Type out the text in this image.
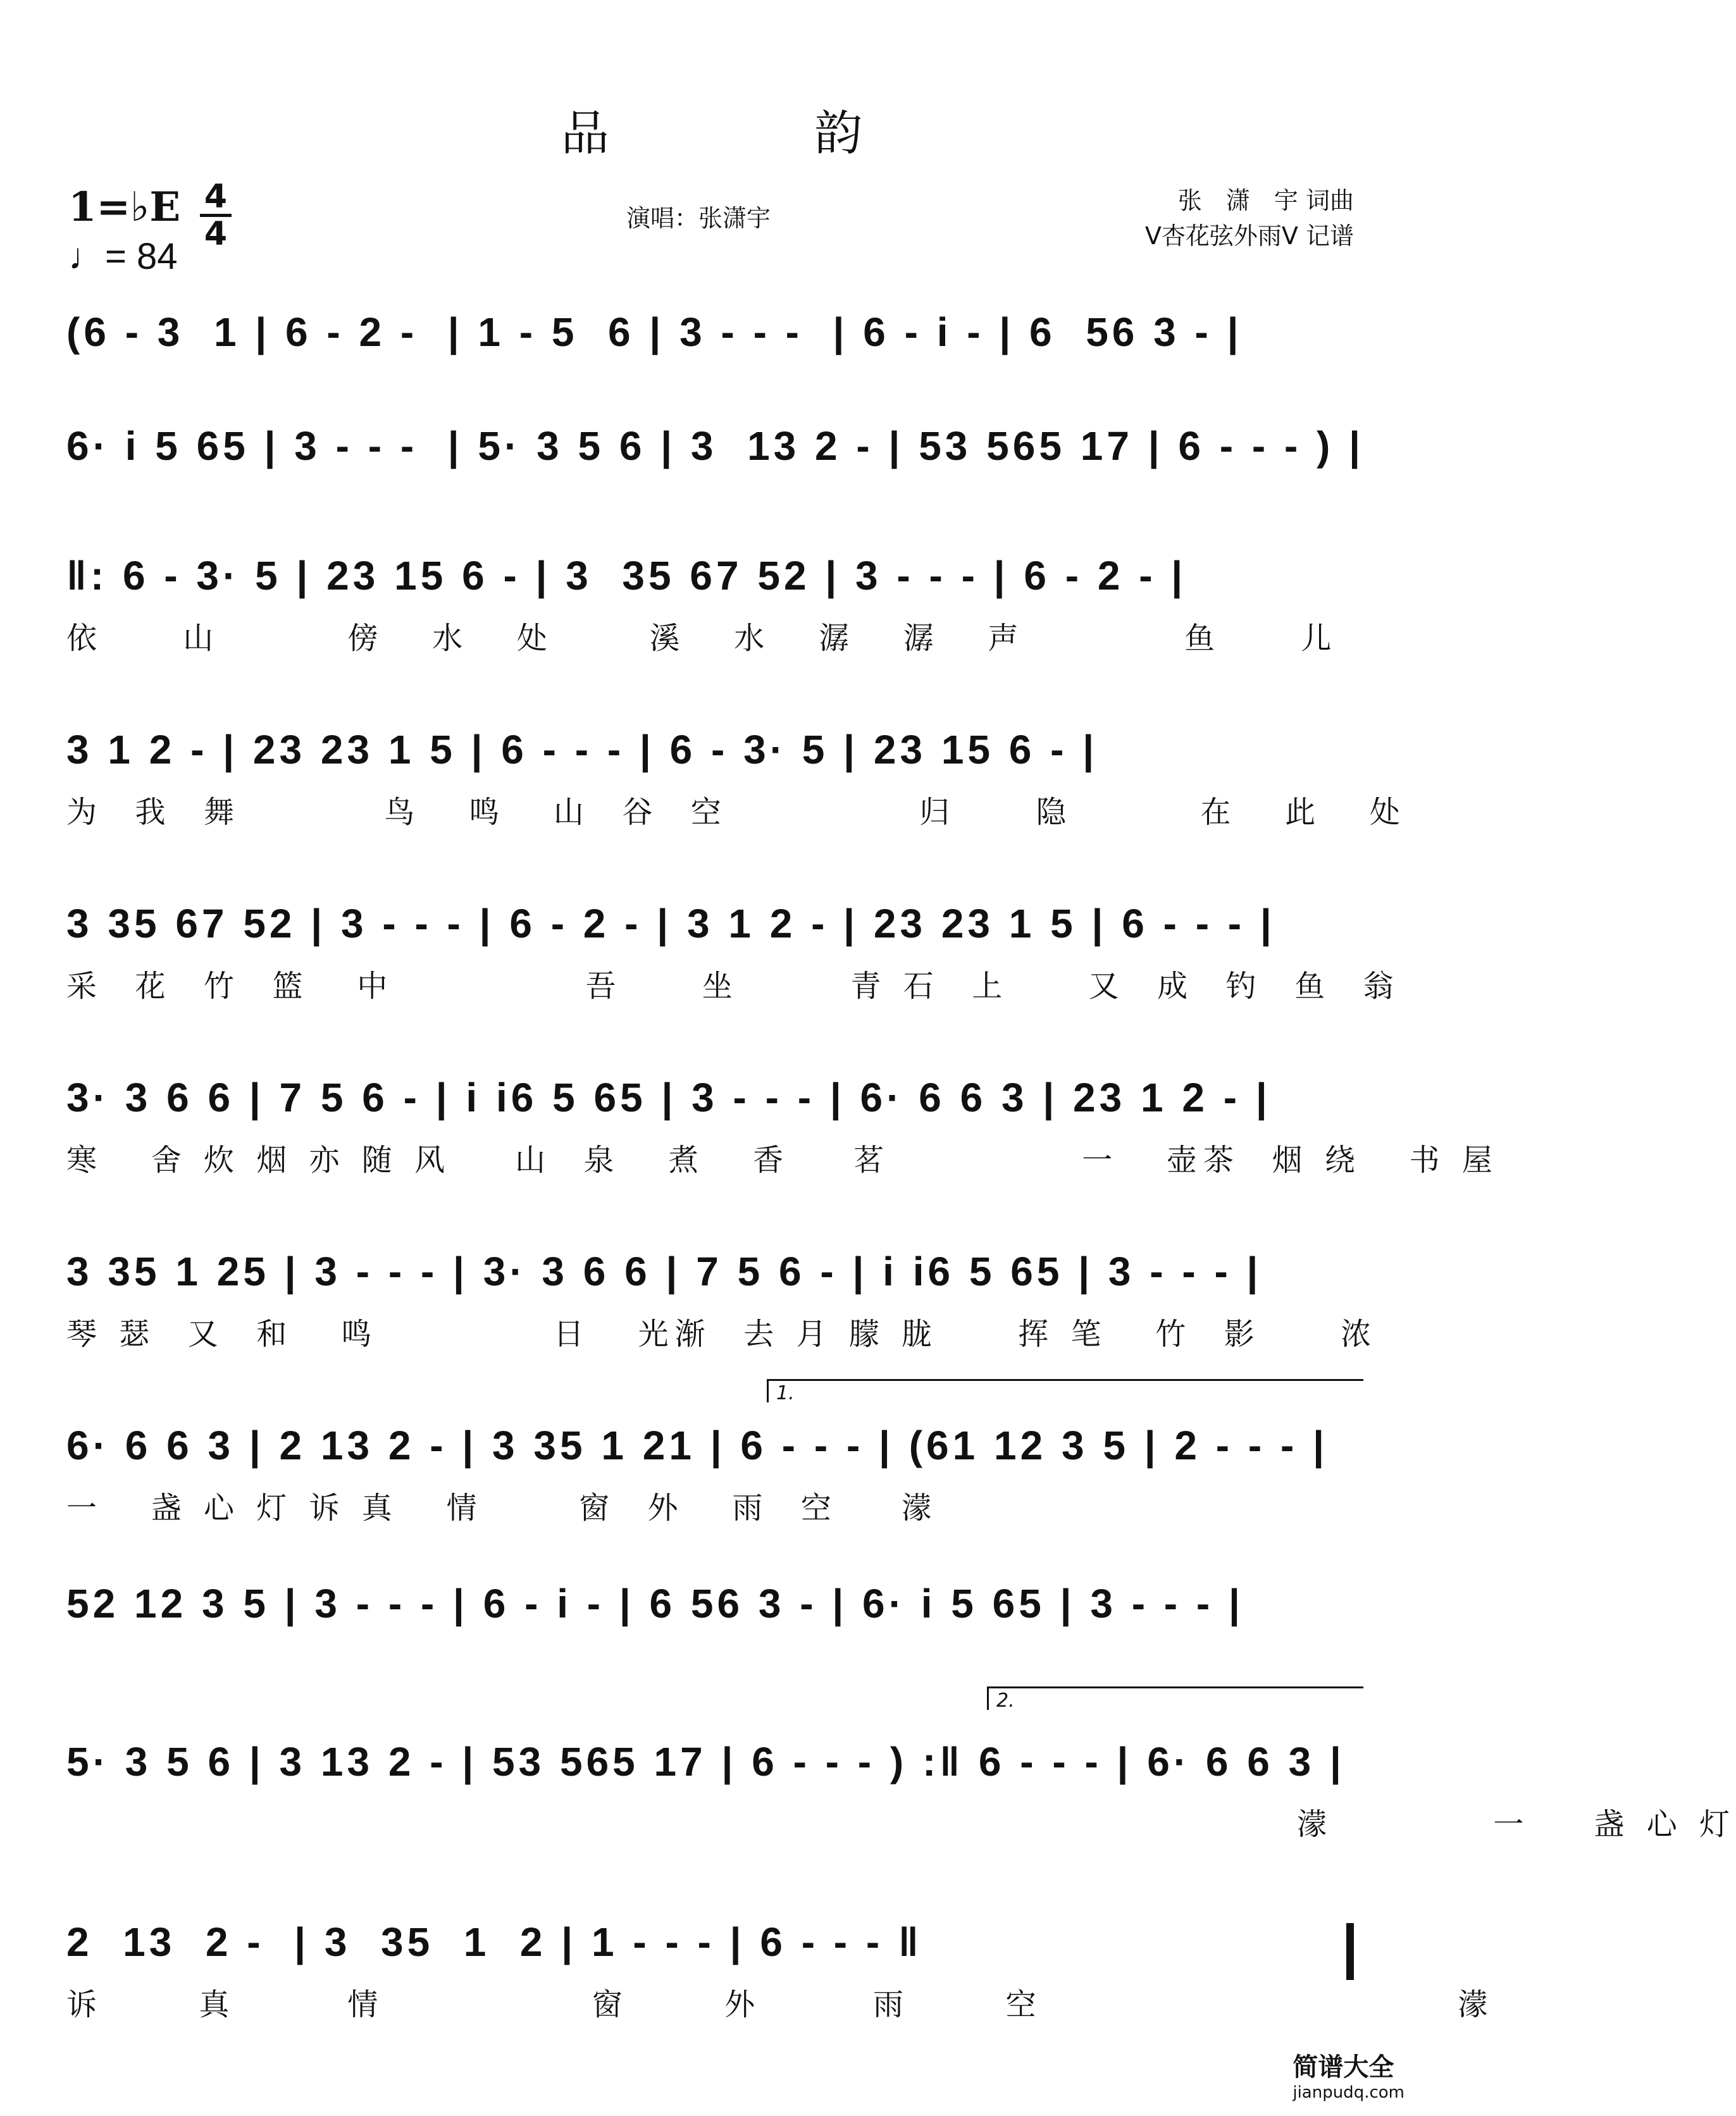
品 韵
1=♭E 4
4
♩= 84
演唱：张潇宇
张　潇　宇 词曲
V杏花弦外雨V 记谱
(6 - 3  1 | 6 - 2 -  | 1 - 5  6 | 3 - - -  | 6 - i - | 6  56 3 - |
6· i 5 65 | 3 - - -  | 5· 3 5 6 | 3  13 2 - | 53 565 17 | 6 - - - ) |
‖: 6 - 3· 5 | 23 15 6 - | 3  35 67 52 | 3 - - - | 6 - 2 - |
依     山        傍   水   处      溪   水   潺   潺   声          鱼     儿
3 1 2 - | 23 23 1 5 | 6 - - - | 6 - 3· 5 | 23 15 6 - |
为  我  舞         鸟   鸣   山  谷  空            归     隐        在   此   处
3 35 67 52 | 3 - - - | 6 - 2 - | 3 1 2 - | 23 23 1 5 | 6 - - - |
采  花  竹  篮   中            吾     坐       青 石  上     又  成  钓  鱼  翁
3· 3 6 6 | 7 5 6 - | i i6 5 65 | 3 - - - | 6· 6 6 3 | 23 1 2 - |
寒   舍 炊 烟 亦 随 风    山  泉   煮   香    茗            一   壶茶  烟 绕   书 屋
3 35 1 25 | 3 - - - | 3· 3 6 6 | 7 5 6 - | i i6 5 65 | 3 - - - |
琴 瑟  又  和   鸣           日   光渐  去 月 朦 胧     挥 笔   竹  影     浓
6· 6 6 3 | 2 13 2 - | 3 35 1 21 | 6 - - - | (61 12 3 5 | 2 - - - |
一   盏 心 灯 诉 真   情      窗  外   雨  空    濛
52 12 3 5 | 3 - - - | 6 - i - | 6 56 3 - | 6· i 5 65 | 3 - - - |
5· 3 5 6 | 3 13 2 - | 53 565 17 | 6 - - - ) :‖ 6 - - - | 6· 6 6 3 |
濛          一    盏 心 灯
2  13  2 -  | 3  35  1  2 | 1 - - - | 6 - - - ‖
诉      真       情             窗      外       雨      空                          濛
1.
2.
简谱大全
jianpudq.com
